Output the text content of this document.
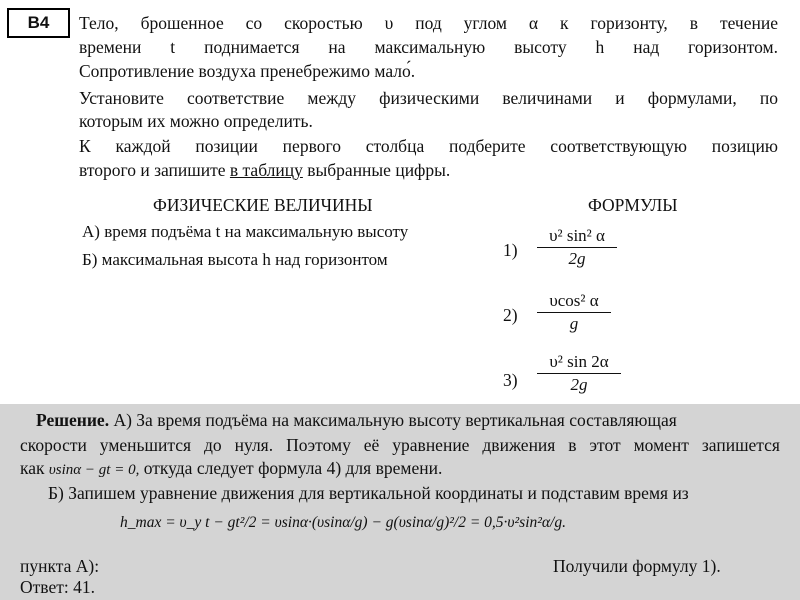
B4	Тело, брошенное со скоростью υ под углом α к горизонту, в течение
времени t поднимается на максимальную высоту h над горизонтом.
Сопротивление воздуха пренебрежимо мало́.
Установите соответствие между физическими величинами и формулами, по
которым их можно определить.
К каждой позиции первого столбца подберите соответствующую позицию
второго и запишите в таблицу выбранные цифры.
ФИЗИЧЕСКИЕ ВЕЛИЧИНЫ	ФОРМУЛЫ
А) время подъёма t на максимальную высоту
Б) максимальная высота h над горизонтом	1)
υ² sin² α
2g
2)
υcos² α
g
3)
υ² sin 2α
2g
Решение. А) За время подъёма на максимальную высоту вертикальная составляющая
скорости уменьшится до нуля. Поэтому её уравнение движения в этот момент запишется
как υsinα − gt = 0, откуда следует формула 4) для времени.
Б) Запишем уравнение движения для вертикальной координаты и подставим время из
h_max = υ_y t − gt²/2 = υsinα·(υsinα/g) − g(υsinα/g)²/2 = 0,5·υ²sin²α/g.
пункта А):	Получили формулу 1).
Ответ: 41.
